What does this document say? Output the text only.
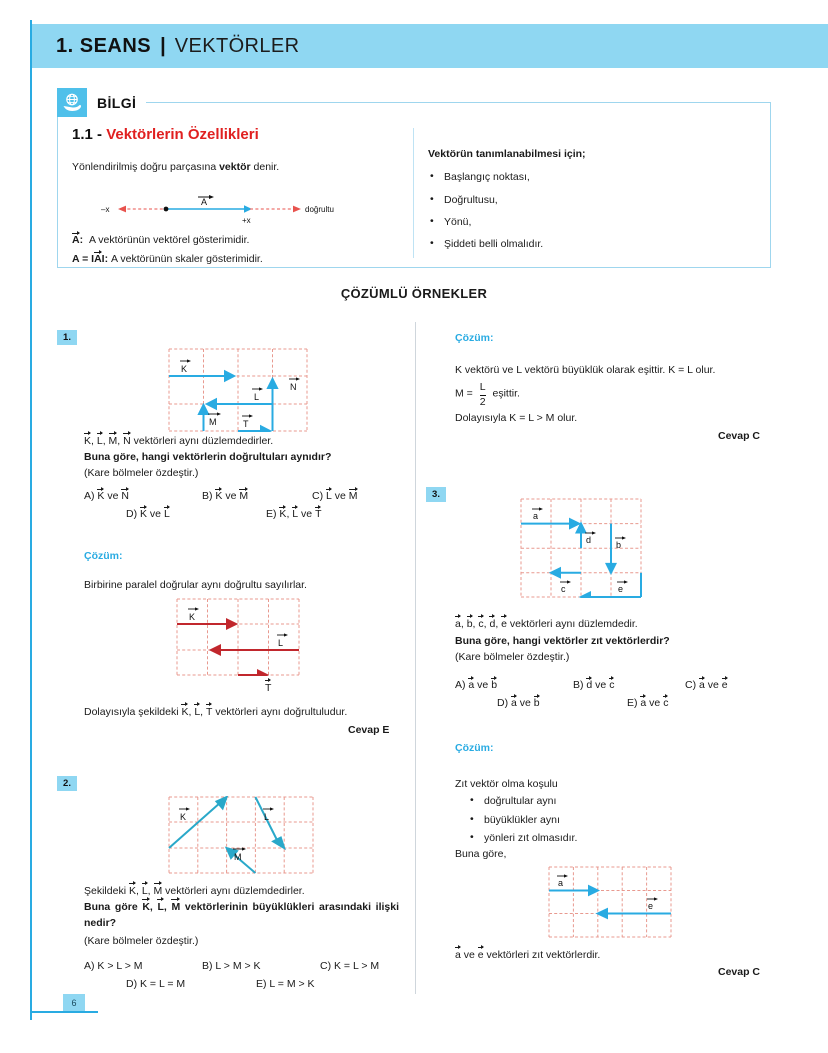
1. SEANS | VEKTÖRLER
BİLGİ
1.1 - Vektörlerin Özellikleri
Yönlendirilmiş doğru parçasına vektör denir.
–x
A
doğrultu
+x
A: A vektörünün vektörel gösterimidir.
A = IAI: A vektörünün skaler gösterimidir.
Vektörün tanımlanabilmesi için;
• Başlangıç noktası,
• Doğrultusu,
• Yönü,
• Şiddeti belli olmalıdır.
ÇÖZÜMLÜ ÖRNEKLER
1.
K
L
M	T
N
K, L, M, N vektörleri aynı düzlemdedirler.
Buna göre, hangi vektörlerin doğrultuları aynıdır?
(Kare bölmeler özdeştir.)
A) K ve N	B) K ve M	C) L ve M
D) K ve L	E) K, L ve T
Çözüm:
Birbirine paralel doğrular aynı doğrultu sayılırlar.
K
L
T
Dolayısıyla şekildeki K, L, T vektörleri aynı doğrultuludur.
Cevap E
2.
K	L
M
Şekildeki K, L, M vektörleri aynı düzlemdedirler.
Buna göre K, L, M vektörlerinin büyüklükleri arasındaki ilişki nedir?
(Kare bölmeler özdeştir.)
A) K > L > M	B) L > M > K	C) K = L > M
D) K = L = M	E) L = M > K
Çözüm:
K vektörü ve L vektörü büyüklük olarak eşittir. K = L olur.
$M = \frac{L}{2}$ eşittir.
Dolayısıyla K = L > M olur.
Cevap C
3.
a
d	b
c	e
a, b, c, d, e vektörleri aynı düzlemdedir.
Buna göre, hangi vektörler zıt vektörlerdir?
(Kare bölmeler özdeştir.)
A) a ve b	B) d ve c	C) a ve e
D) a ve b	E) a ve c
Çözüm:
Zıt vektör olma koşulu
• doğrultular aynı
• büyüklükler aynı
• yönleri zıt olmasıdır.
Buna göre,
a
e
a ve e vektörleri zıt vektörlerdir.
Cevap C
6
